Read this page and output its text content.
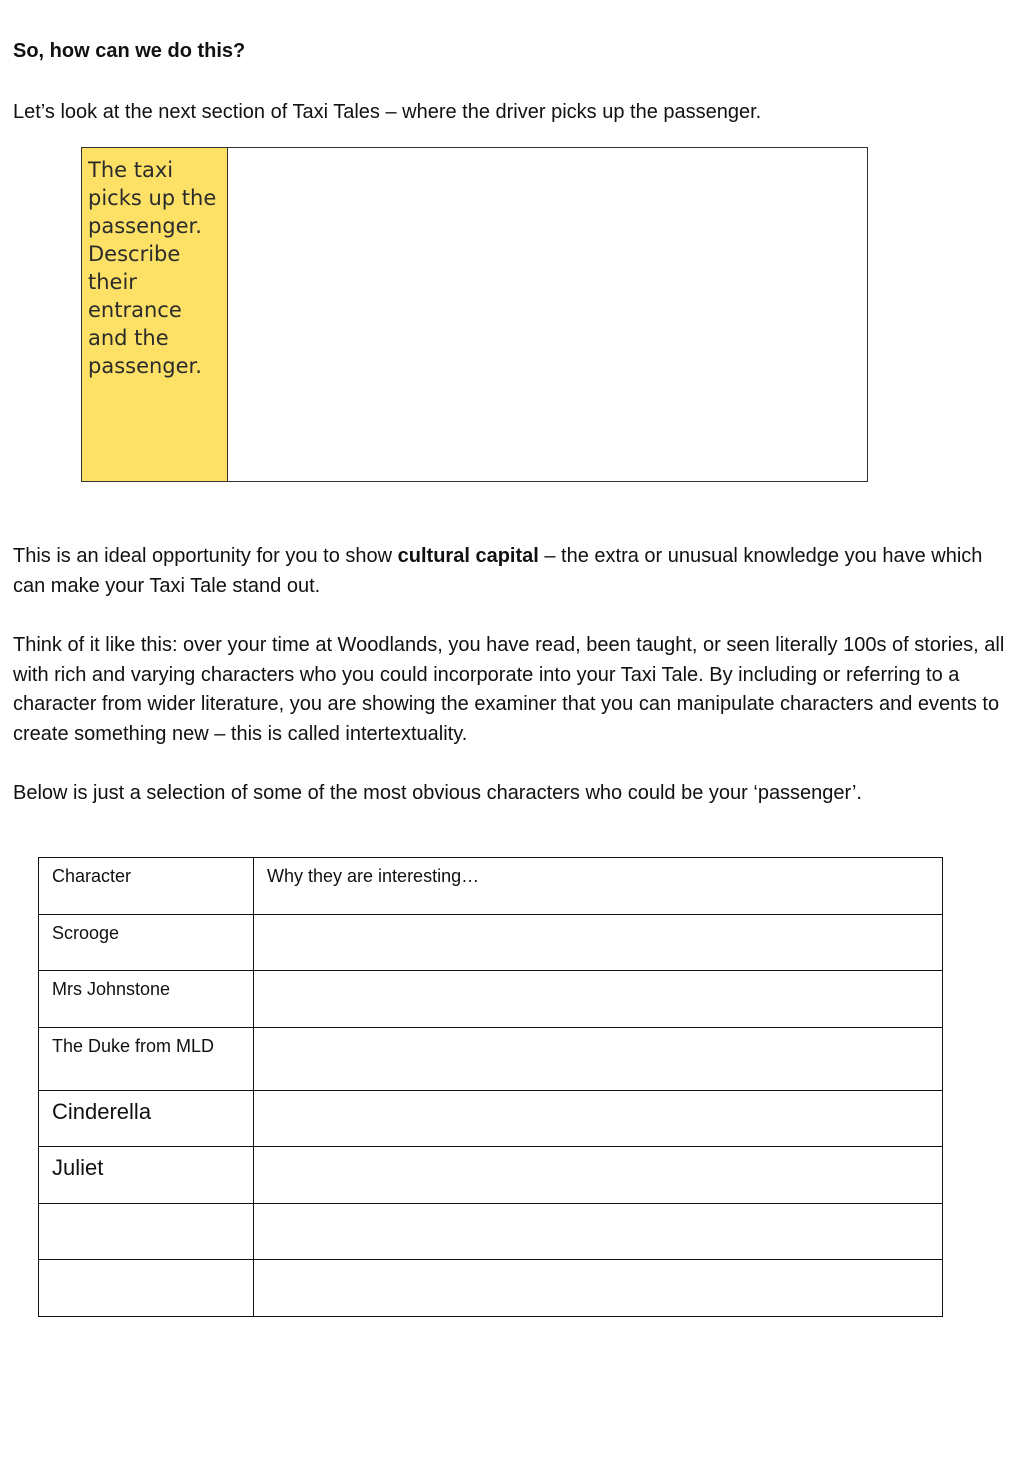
So, how can we do this?

Let’s look at the next section of Taxi Tales – where the driver picks up the passenger.

The taxi picks up the passenger. Describe their entrance and the passenger.

This is an ideal opportunity for you to show cultural capital – the extra or unusual knowledge you have which can make your Taxi Tale stand out.

Think of it like this: over your time at Woodlands, you have read, been taught, or seen literally 100s of stories, all with rich and varying characters who you could incorporate into your Taxi Tale. By including or referring to a character from wider literature, you are showing the examiner that you can manipulate characters and events to create something new – this is called intertextuality.

Below is just a selection of some of the most obvious characters who could be your ‘passenger’.

Character	Why they are interesting…
Scrooge	
Mrs Johnstone	
The Duke from MLD	
Cinderella	
Juliet	
